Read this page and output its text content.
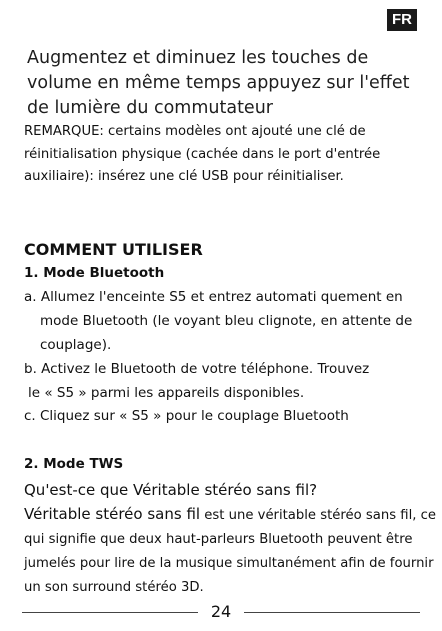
FR
Augmentez et diminuez les touches de volume en même temps appuyez sur l'effet de lumière du commutateur
REMARQUE: certains modèles ont ajouté une clé de réinitialisation physique (cachée dans le port d'entrée auxiliaire): insérez une clé USB pour réinitialiser.
COMMENT UTILISER
1. Mode Bluetooth
a. Allumez l'enceinte S5 et entrez automati quement en
mode Bluetooth (le voyant bleu clignote, en attente de couplage).
b. Activez le Bluetooth de votre téléphone. Trouvez
le « S5 » parmi les appareils disponibles.
c. Cliquez sur « S5 » pour le couplage Bluetooth
2. Mode TWS
Qu'est-ce que Véritable stéréo sans fil?
Véritable stéréo sans fil est une véritable stéréo sans fil, ce qui signifie que deux haut-parleurs Bluetooth peuvent être jumelés pour lire de la musique simultanément afin de fournir un son surround stéréo 3D.
24
